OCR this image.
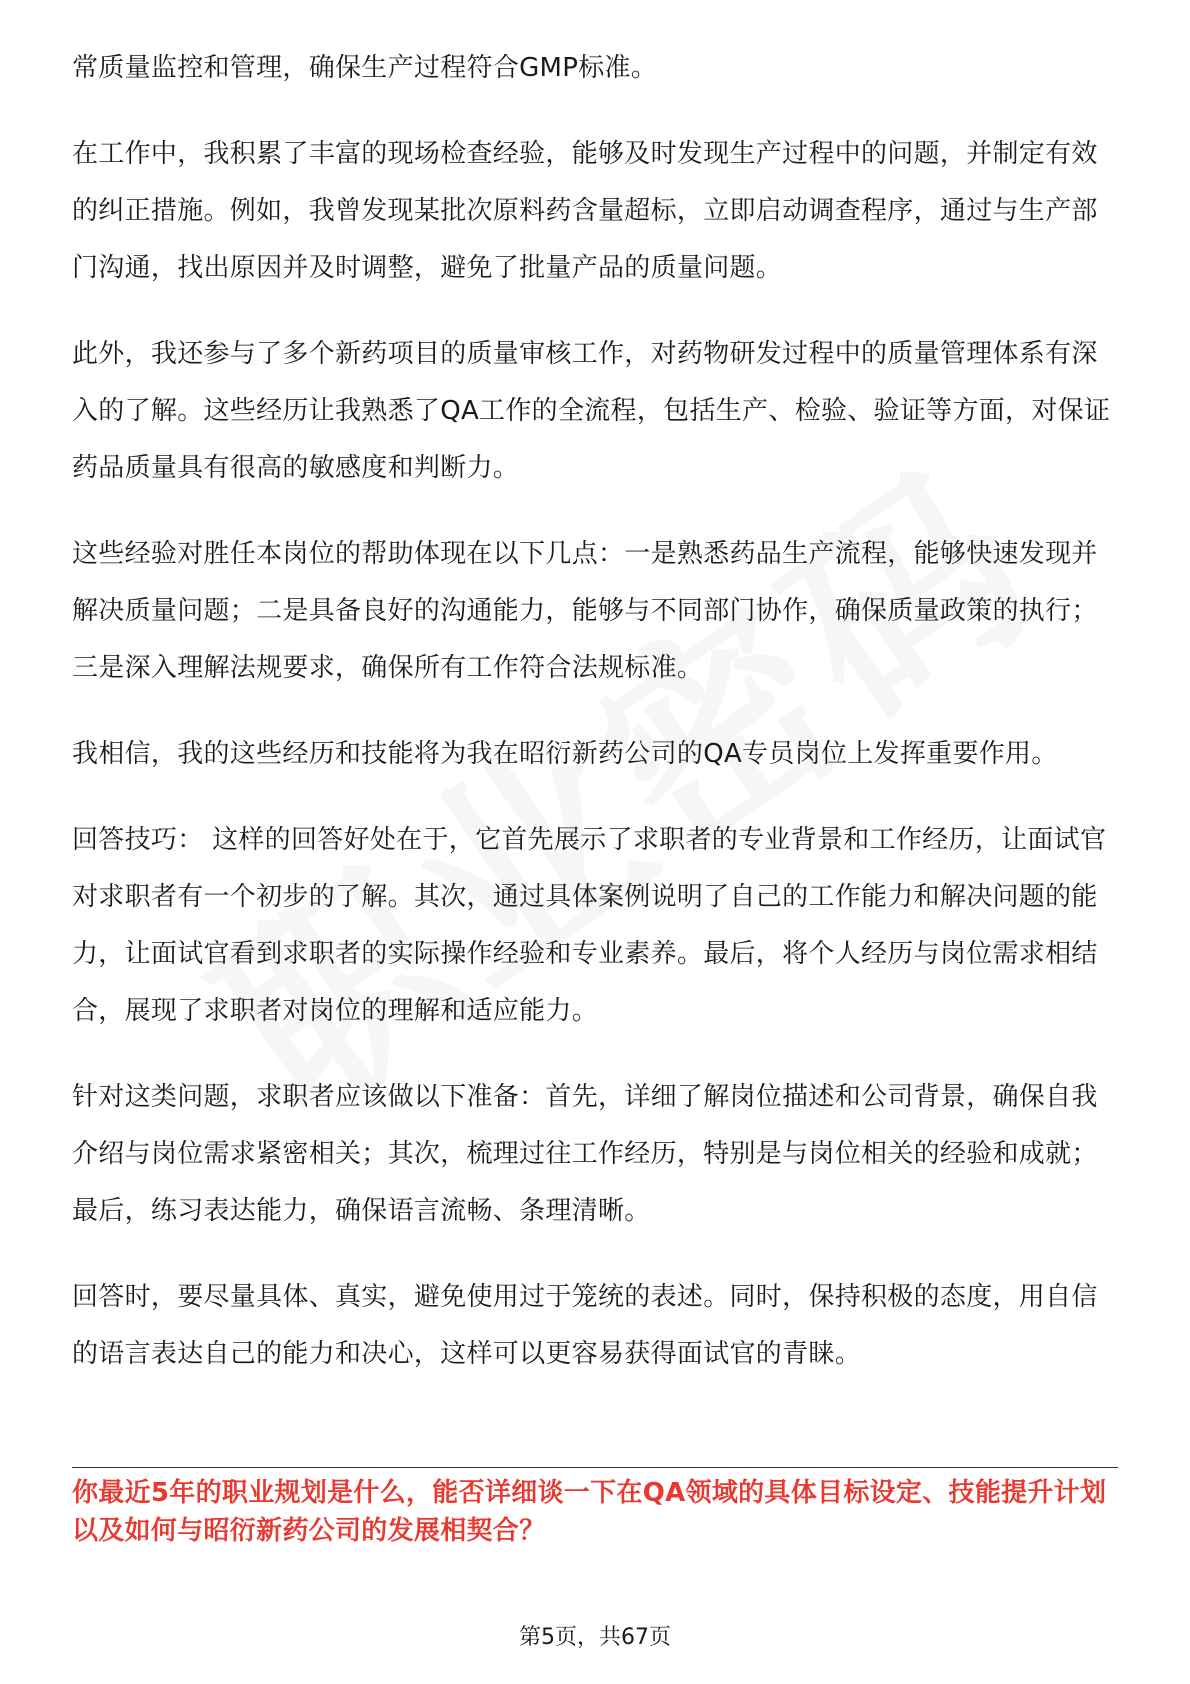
常质量监控和管理，确保生产过程符合GMP标准。

在工作中，我积累了丰富的现场检查经验，能够及时发现生产过程中的问题，并制定有效的纠正措施。例如，我曾发现某批次原料药含量超标，立即启动调查程序，通过与生产部门沟通，找出原因并及时调整，避免了批量产品的质量问题。

此外，我还参与了多个新药项目的质量审核工作，对药物研发过程中的质量管理体系有深入的了解。这些经历让我熟悉了QA工作的全流程，包括生产、检验、验证等方面，对保证药品质量具有很高的敏感度和判断力。

这些经验对胜任本岗位的帮助体现在以下几点：一是熟悉药品生产流程，能够快速发现并解决质量问题；二是具备良好的沟通能力，能够与不同部门协作，确保质量政策的执行；三是深入理解法规要求，确保所有工作符合法规标准。

我相信，我的这些经历和技能将为我在昭衍新药公司的QA专员岗位上发挥重要作用。

回答技巧： 这样的回答好处在于，它首先展示了求职者的专业背景和工作经历，让面试官对求职者有一个初步的了解。其次，通过具体案例说明了自己的工作能力和解决问题的能力，让面试官看到求职者的实际操作经验和专业素养。最后，将个人经历与岗位需求相结合，展现了求职者对岗位的理解和适应能力。

针对这类问题，求职者应该做以下准备：首先，详细了解岗位描述和公司背景，确保自我介绍与岗位需求紧密相关；其次，梳理过往工作经历，特别是与岗位相关的经验和成就；最后，练习表达能力，确保语言流畅、条理清晰。

回答时，要尽量具体、真实，避免使用过于笼统的表述。同时，保持积极的态度，用自信的语言表达自己的能力和决心，这样可以更容易获得面试官的青睐。

你最近5年的职业规划是什么，能否详细谈一下在QA领域的具体目标设定、技能提升计划以及如何与昭衍新药公司的发展相契合？
第5页，共67页
